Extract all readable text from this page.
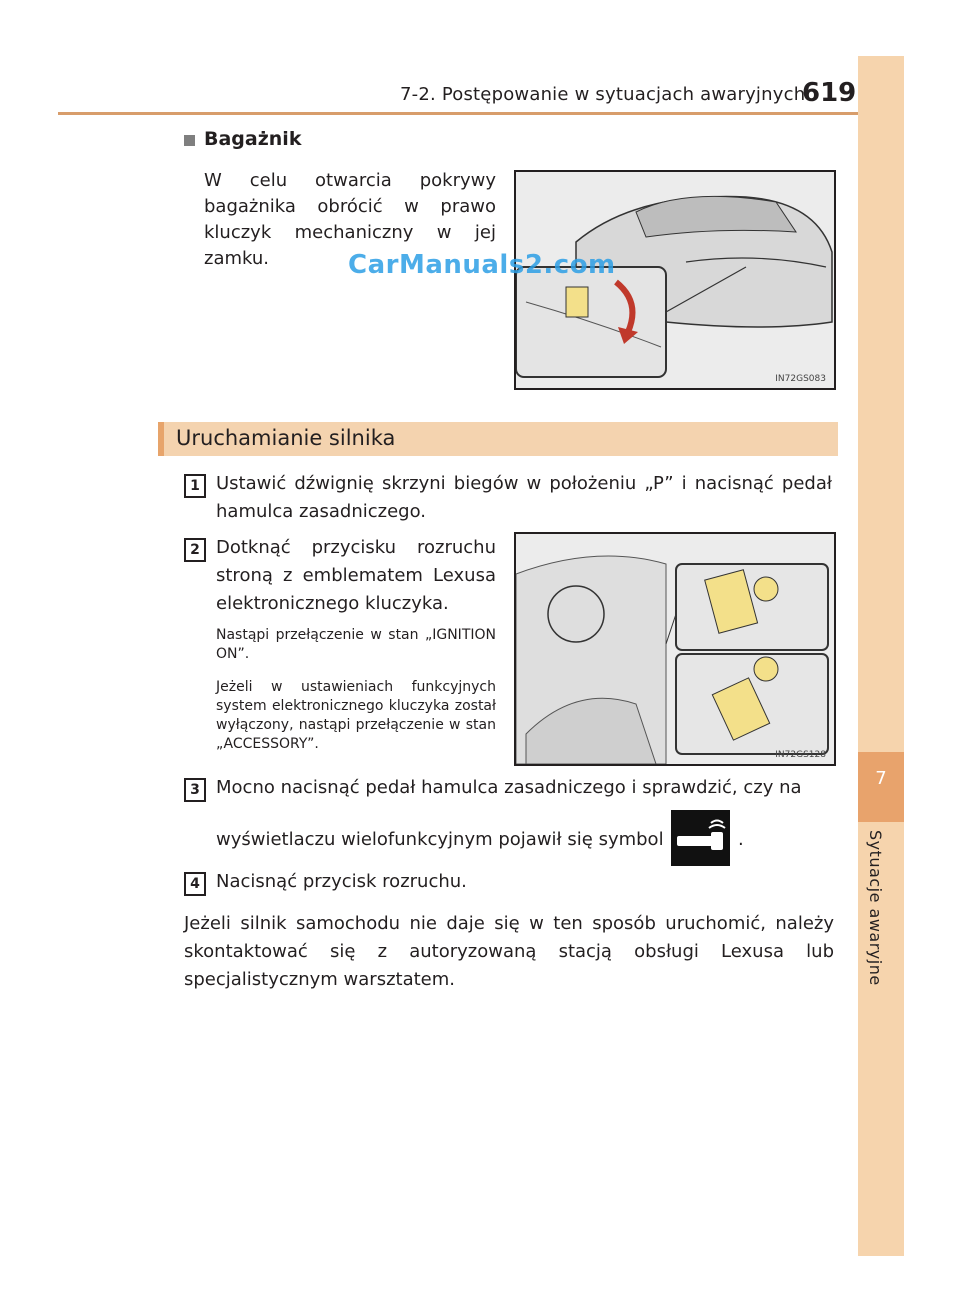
7-2. Postępowanie w sytuacjach awaryjnych
619
7
Sytuacje awaryjne
Bagażnik
W celu otwarcia pokrywy bagażnika obrócić w prawo kluczyk mechaniczny w jej zamku.
IN72GS083
CarManuals2.com
Uruchamianie silnika
1 Ustawić dźwignię skrzyni biegów w położeniu „P” i nacisnąć pedał hamulca zasadniczego.
2 Dotknąć przycisku rozruchu stroną z emblematem Lexusa elektronicznego kluczyka.
Nastąpi przełączenie w stan „IGNITION ON”.
Jeżeli w ustawieniach funkcyjnych system elektronicznego kluczyka został wyłączony, nastąpi przełączenie w stan „ACCESSORY”.
IN72GS128
3 Mocno nacisnąć pedał hamulca zasadniczego i sprawdzić, czy na
wyświetlaczu wielofunkcyjnym pojawił się symbol	.
4 Nacisnąć przycisk rozruchu.
Jeżeli silnik samochodu nie daje się w ten sposób uruchomić, należy skontaktować się z autoryzowaną stacją obsługi Lexusa lub specjalistycznym warsztatem.
